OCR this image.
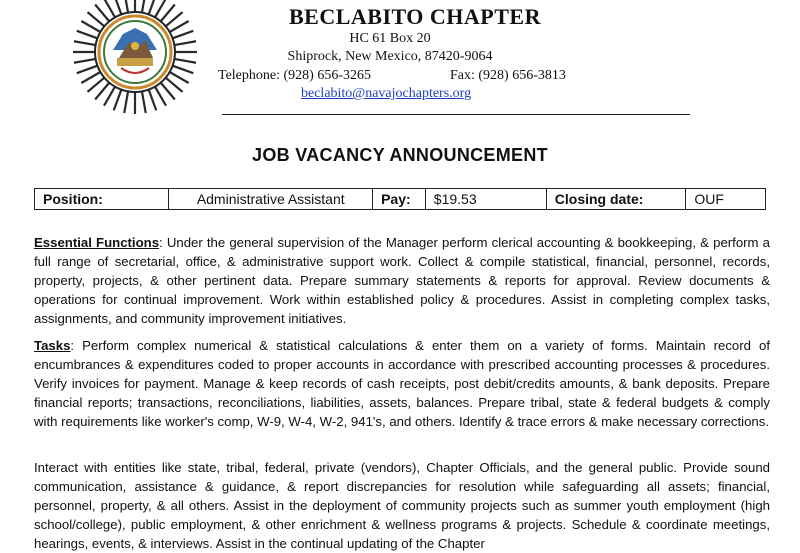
BECLABITO CHAPTER
HC 61 Box 20
Shiprock, New Mexico, 87420-9064
Telephone: (928) 656-3265	Fax: (928) 656-3813
beclabito@navajochapters.org
JOB VACANCY ANNOUNCEMENT
Position:	Administrative Assistant	Pay:	$19.53	Closing date:	OUF
Essential Functions: Under the general supervision of the Manager perform clerical accounting & bookkeeping, & perform a full range of secretarial, office, & administrative support work. Collect & compile statistical, financial, personnel, records, property, projects, & other pertinent data. Prepare summary statements & reports for approval. Review documents & operations for continual improvement. Work within established policy & procedures. Assist in completing complex tasks, assignments, and community improvement initiatives.
Tasks: Perform complex numerical & statistical calculations & enter them on a variety of forms. Maintain record of encumbrances & expenditures coded to proper accounts in accordance with prescribed accounting processes & procedures. Verify invoices for payment. Manage & keep records of cash receipts, post debit/credits amounts, & bank deposits. Prepare financial reports; transactions, reconciliations, liabilities, assets, balances. Prepare tribal, state & federal budgets & comply with requirements like worker's comp, W-9, W-4, W-2, 941's, and others. Identify & trace errors & make necessary corrections.
Interact with entities like state, tribal, federal, private (vendors), Chapter Officials, and the general public. Provide sound communication, assistance & guidance, & report discrepancies for resolution while safeguarding all assets; financial, personnel, property, & all others. Assist in the deployment of community projects such as summer youth employment (high school/college), public employment, & other enrichment & wellness programs & projects. Schedule & coordinate meetings, hearings, events, & interviews. Assist in the continual updating of the Chapter
